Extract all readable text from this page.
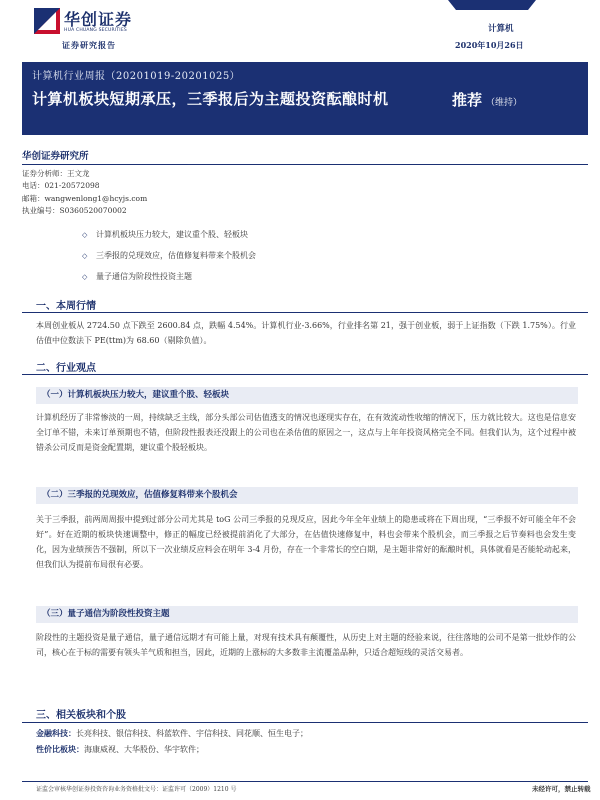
华创证券
HUA CHUANG SECURITIES
证券研究报告
计算机
2020年10月26日
计算机行业周报（20201019-20201025）
计算机板块短期承压，三季报后为主题投资酝酿时机	推荐 （维持）
华创证券研究所
证券分析师：王文龙
电话：021-20572098
邮箱：wangwenlong1@hcyjs.com
执业编号：S0360520070002
◇ 计算机板块压力较大，建议重个股、轻板块
◇ 三季报的兑现效应，估值修复料带来个股机会
◇ 量子通信为阶段性投资主题
一、本周行情
本周创业板从 2724.50 点下跌至 2600.84 点，跌幅 4.54%。计算机行业-3.66%，行业排名第 21，强于创业板，弱于上证指数（下跌 1.75%）。行业估值中位数法下 PE(ttm)为 68.60（剔除负值）。
二、行业观点
（一）计算机板块压力较大，建议重个股、轻板块
计算机经历了非常惨淡的一周，持续缺乏主线，部分头部公司估值透支的情况也逐现实存在，在有效流动性收缩的情况下，压力就比较大。这也是信息安全订单不错，未来订单预期也不错，但阶段性报表还没跟上的公司也在杀估值的原因之一，这点与上年年投资风格完全不同。但我们认为，这个过程中被错杀公司反而是资金配置期，建议重个股轻板块。
（二）三季报的兑现效应，估值修复料带来个股机会
关于三季报，前两周周报中提到过部分公司尤其是 toG 公司三季报的兑现反应，因此今年全年业绩上的隐患或将在下周出现，“三季报不好可能全年不会好”。好在近期的板块快速调整中，修正的幅度已经被提前消化了大部分，在估值快速修复中，料也会带来个股机会，而三季报之后节奏料也会发生变化，因为业绩预告不强制，所以下一次业绩反应料会在明年 3-4 月份，存在一个非常长的空白期，是主题非常好的酝酿时机，具体就看是否能轮动起来，但我们认为提前布局很有必要。
（三）量子通信为阶段性投资主题
阶段性的主题投资是量子通信，量子通信远期才有可能上量，对现有技术具有颠覆性，从历史上对主题的经验来说，往往落地的公司不是第一批炒作的公司，核心在于标的需要有领头羊气质和担当，因此，近期的上涨标的大多数非主流覆盖品种，只适合超短线的灵活交易者。
三、相关板块和个股
金融科技：长亮科技、银信科技、科蓝软件、宇信科技、同花顺、恒生电子；
性价比板块：海康威视、大华股份、华宇软件；
证监会审核华创证券投资咨询业务资格批文号：证监许可（2009）1210 号	未经许可，禁止转载
